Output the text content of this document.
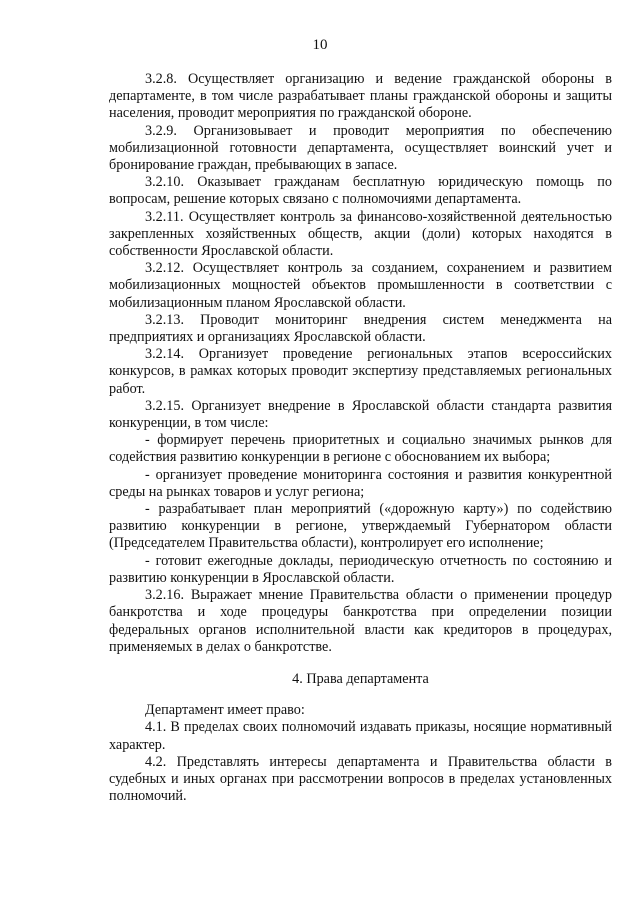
10

3.2.8. Осуществляет организацию и ведение гражданской обороны в департаменте, в том числе разрабатывает планы гражданской обороны и защиты населения, проводит мероприятия по гражданской обороне.

3.2.9. Организовывает и проводит мероприятия по обеспечению мобилизационной готовности департамента, осуществляет воинский учет и бронирование граждан, пребывающих в запасе.

3.2.10. Оказывает гражданам бесплатную юридическую помощь по вопросам, решение которых связано с полномочиями департамента.

3.2.11. Осуществляет контроль за финансово-хозяйственной деятельностью закрепленных хозяйственных обществ, акции (доли) которых находятся в собственности Ярославской области.

3.2.12. Осуществляет контроль за созданием, сохранением и развитием мобилизационных мощностей объектов промышленности в соответствии с мобилизационным планом Ярославской области.

3.2.13. Проводит мониторинг внедрения систем менеджмента на предприятиях и организациях Ярославской области.

3.2.14. Организует проведение региональных этапов всероссийских конкурсов, в рамках которых проводит экспертизу представляемых региональных работ.

3.2.15. Организует внедрение в Ярославской области стандарта развития конкуренции, в том числе:

- формирует перечень приоритетных и социально значимых рынков для содействия развитию конкуренции в регионе с обоснованием их выбора;

- организует проведение мониторинга состояния и развития конкурентной среды на рынках товаров и услуг региона;

- разрабатывает план мероприятий («дорожную карту») по содействию развитию конкуренции в регионе, утверждаемый Губернатором области (Председателем Правительства области), контролирует его исполнение;

- готовит ежегодные доклады, периодическую отчетность по состоянию и развитию конкуренции в Ярославской области.

3.2.16. Выражает мнение Правительства области о применении процедур банкротства и ходе процедуры банкротства при определении позиции федеральных органов исполнительной власти как кредиторов в процедурах, применяемых в делах о банкротстве.

4. Права департамента

Департамент имеет право:

4.1. В пределах своих полномочий издавать приказы, носящие нормативный характер.

4.2. Представлять интересы департамента и Правительства области в судебных и иных органах при рассмотрении вопросов в пределах установленных полномочий.
